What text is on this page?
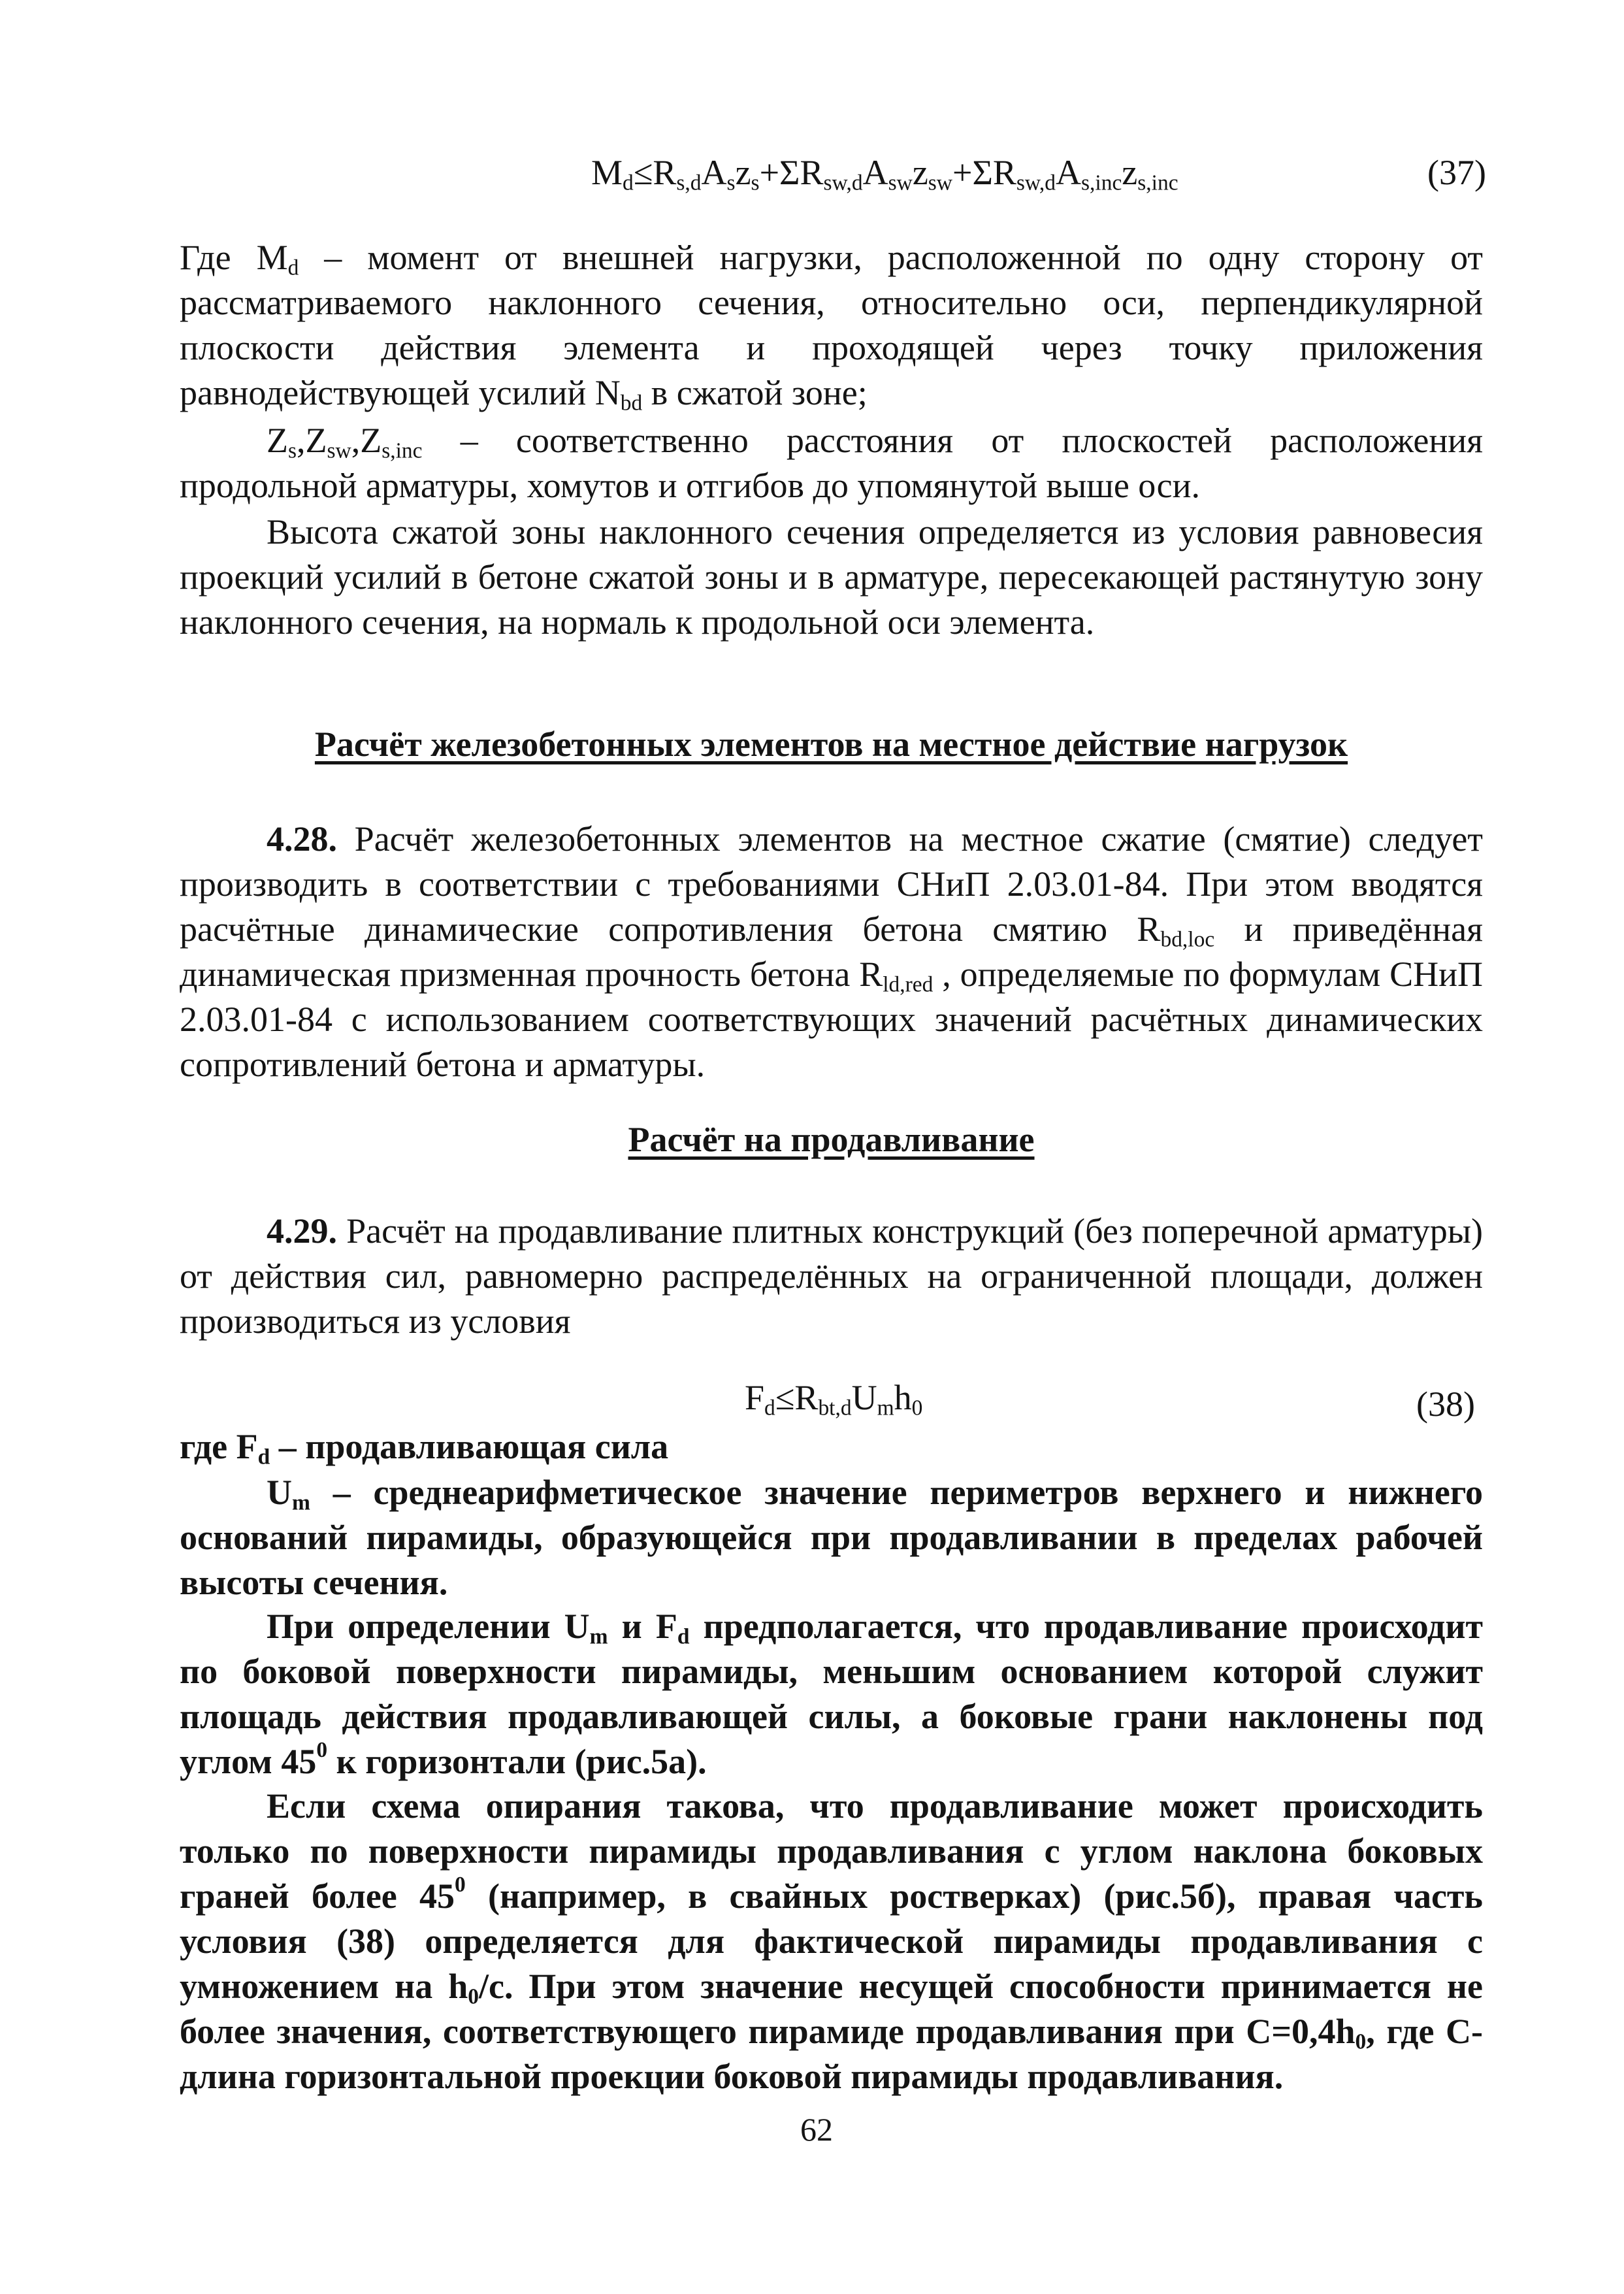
$M_d\le R_{s,d}A_sz_s+\Sigma R_{sw,d}A_{sw}z_{sw}+\Sigma R_{sw,d}A_{s,inc}z_{s,inc}$	(37)

Где $M_d$ – момент от внешней нагрузки, расположенной по одну сторону от рассматриваемого наклонного сечения, относительно оси, перпендикулярной плоскости действия элемента и проходящей через точку приложения равнодействующей усилий $N_{bd}$ в сжатой зоне;

$Z_s,Z_{sw},Z_{s,inc}$ – соответственно расстояния от плоскостей расположения продольной арматуры, хомутов и отгибов до упомянутой выше оси.

Высота сжатой зоны наклонного сечения определяется из условия равновесия проекций усилий в бетоне сжатой зоны и в арматуре, пересекающей растянутую зону наклонного сечения, на нормаль к продольной оси элемента.

Расчёт железобетонных элементов на местное действие нагрузок

4.28. Расчёт железобетонных элементов на местное сжатие (смятие) следует производить в соответствии с требованиями СНиП 2.03.01-84. При этом вводятся расчётные динамические сопротивления бетона смятию $R_{bd,loc}$ и приведённая динамическая призменная прочность бетона $R_{ld,red}$ , определяемые по формулам СНиП 2.03.01-84 с использованием соответствующих значений расчётных динамических сопротивлений бетона и арматуры.

Расчёт на продавливание

4.29. Расчёт на продавливание плитных конструкций (без поперечной арматуры) от действия сил, равномерно распределённых на ограниченной площади, должен производиться из условия

$F_d\le R_{bt,d}U_mh_0$	(38)

где $F_d$ – продавливающая сила

$U_m$ – среднеарифметическое значение периметров верхнего и нижнего оснований пирамиды, образующейся при продавливании в пределах рабочей высоты сечения.

При определении $U_m$ и $F_d$ предполагается, что продавливание происходит по боковой поверхности пирамиды, меньшим основанием которой служит площадь действия продавливающей силы, а боковые грани наклонены под углом $45^0$ к горизонтали (рис.5а).

Если схема опирания такова, что продавливание может происходить только по поверхности пирамиды продавливания с углом наклона боковых граней более $45^0$ (например, в свайных ростверках) (рис.5б), правая часть условия (38) определяется для фактической пирамиды продавливания с умножением на $h_0/c$. При этом значение несущей способности принимается не более значения, соответствующего пирамиде продавливания при $С=0,4h_0$, где С- длина горизонтальной проекции боковой пирамиды продавливания.

62
